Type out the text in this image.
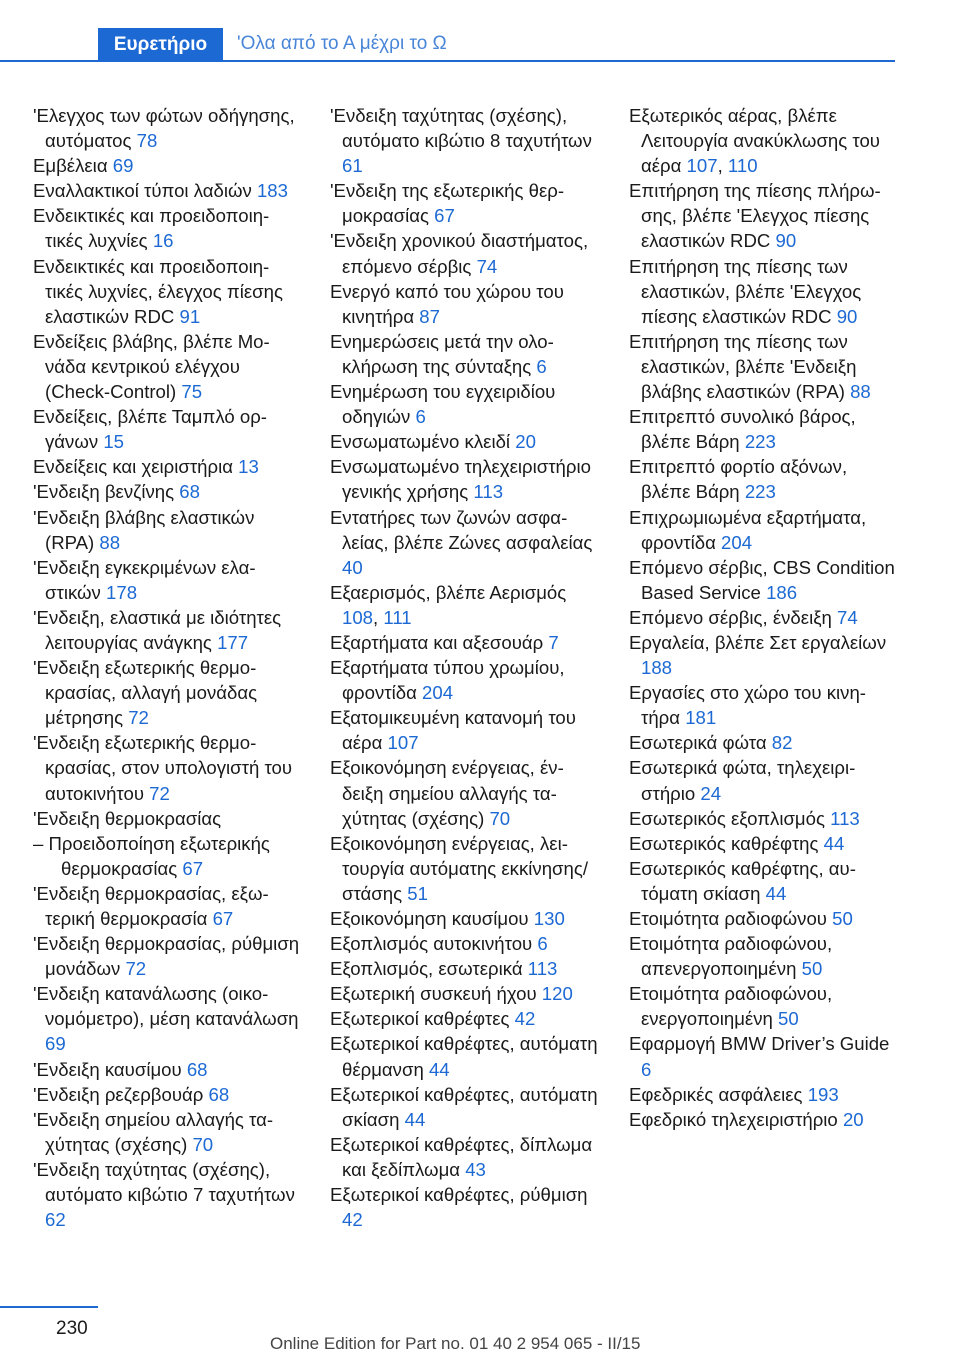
Ευρετήριο	'Ολα από το Α μέχρι το Ω

'Ελεγχος των φώτων οδήγησης, αυτόματος 78

Εμβέλεια 69

Εναλλακτικοί τύποι λαδιών 183

Ενδεικτικές και προειδοποιητικές λυχνίες 16

Ενδεικτικές και προειδοποιητικές λυχνίες, έλεγχος πίεσης ελαστικών RDC 91

Ενδείξεις βλάβης, βλέπε Μονάδα κεντρικού ελέγχου (Check-Control) 75

Ενδείξεις, βλέπε Ταμπλό οργάνων 15

Ενδείξεις και χειριστήρια 13

'Ενδειξη βενζίνης 68

'Ενδειξη βλάβης ελαστικών (RPA) 88

'Ενδειξη εγκεκριμένων ελαστικών 178

'Ενδειξη, ελαστικά με ιδιότητες λειτουργίας ανάγκης 177

'Ενδειξη εξωτερικής θερμοκρασίας, αλλαγή μονάδας μέτρησης 72

'Ενδειξη εξωτερικής θερμοκρασίας, στον υπολογιστή του αυτοκινήτου 72

'Ενδειξη θερμοκρασίας

– Προειδοποίηση εξωτερικής θερμοκρασίας 67

'Ενδειξη θερμοκρασίας, εξωτερική θερμοκρασία 67

'Ενδειξη θερμοκρασίας, ρύθμιση μονάδων 72

'Ενδειξη κατανάλωσης (οικονομόμετρο), μέση κατανάλωση 69

'Ενδειξη καυσίμου 68

'Ενδειξη ρεζερβουάρ 68

'Ενδειξη σημείου αλλαγής ταχύτητας (σχέσης) 70

'Ενδειξη ταχύτητας (σχέσης), αυτόματο κιβώτιο 7 ταχυτήτων 62

'Ενδειξη ταχύτητας (σχέσης), αυτόματο κιβώτιο 8 ταχυτήτων 61

'Ενδειξη της εξωτερικής θερμοκρασίας 67

'Ενδειξη χρονικού διαστήματος, επόμενο σέρβις 74

Ενεργό καπό του χώρου του κινητήρα 87

Ενημερώσεις μετά την ολοκλήρωση της σύνταξης 6

Ενημέρωση του εγχειριδίου οδηγιών 6

Ενσωματωμένο κλειδί 20

Ενσωματωμένο τηλεχειριστήριο γενικής χρήσης 113

Εντατήρες των ζωνών ασφαλείας, βλέπε Ζώνες ασφαλείας 40

Εξαερισμός, βλέπε Αερισμός 108, 111

Εξαρτήματα και αξεσουάρ 7

Εξαρτήματα τύπου χρωμίου, φροντίδα 204

Εξατομικευμένη κατανομή του αέρα 107

Εξοικονόμηση ενέργειας, ένδειξη σημείου αλλαγής ταχύτητας (σχέσης) 70

Εξοικονόμηση ενέργειας, λειτουργία αυτόματης εκκίνησης/στάσης 51

Εξοικονόμηση καυσίμου 130

Εξοπλισμός αυτοκινήτου 6

Εξοπλισμός, εσωτερικά 113

Εξωτερική συσκευή ήχου 120

Εξωτερικοί καθρέφτες 42

Εξωτερικοί καθρέφτες, αυτόματη θέρμανση 44

Εξωτερικοί καθρέφτες, αυτόματη σκίαση 44

Εξωτερικοί καθρέφτες, δίπλωμα και ξεδίπλωμα 43

Εξωτερικοί καθρέφτες, ρύθμιση 42

Εξωτερικός αέρας, βλέπε Λειτουργία ανακύκλωσης του αέρα 107, 110

Επιτήρηση της πίεσης πλήρωσης, βλέπε 'Ελεγχος πίεσης ελαστικών RDC 90

Επιτήρηση της πίεσης των ελαστικών, βλέπε 'Ελεγχος πίεσης ελαστικών RDC 90

Επιτήρηση της πίεσης των ελαστικών, βλέπε 'Ενδειξη βλάβης ελαστικών (RPA) 88

Επιτρεπτό συνολικό βάρος, βλέπε Βάρη 223

Επιτρεπτό φορτίο αξόνων, βλέπε Βάρη 223

Επιχρωμιωμένα εξαρτήματα, φροντίδα 204

Επόμενο σέρβις, CBS Condition Based Service 186

Επόμενο σέρβις, ένδειξη 74

Εργαλεία, βλέπε Σετ εργαλείων 188

Εργασίες στο χώρο του κινητήρα 181

Εσωτερικά φώτα 82

Εσωτερικά φώτα, τηλεχειριστήριο 24

Εσωτερικός εξοπλισμός 113

Εσωτερικός καθρέφτης 44

Εσωτερικός καθρέφτης, αυτόματη σκίαση 44

Ετοιμότητα ραδιοφώνου 50

Ετοιμότητα ραδιοφώνου, απενεργοποιημένη 50

Ετοιμότητα ραδιοφώνου, ενεργοποιημένη 50

Εφαρμογή BMW Driver’s Guide 6

Εφεδρικές ασφάλειες 193

Εφεδρικό τηλεχειριστήριο 20

230
Online Edition for Part no. 01 40 2 954 065 - II/15
